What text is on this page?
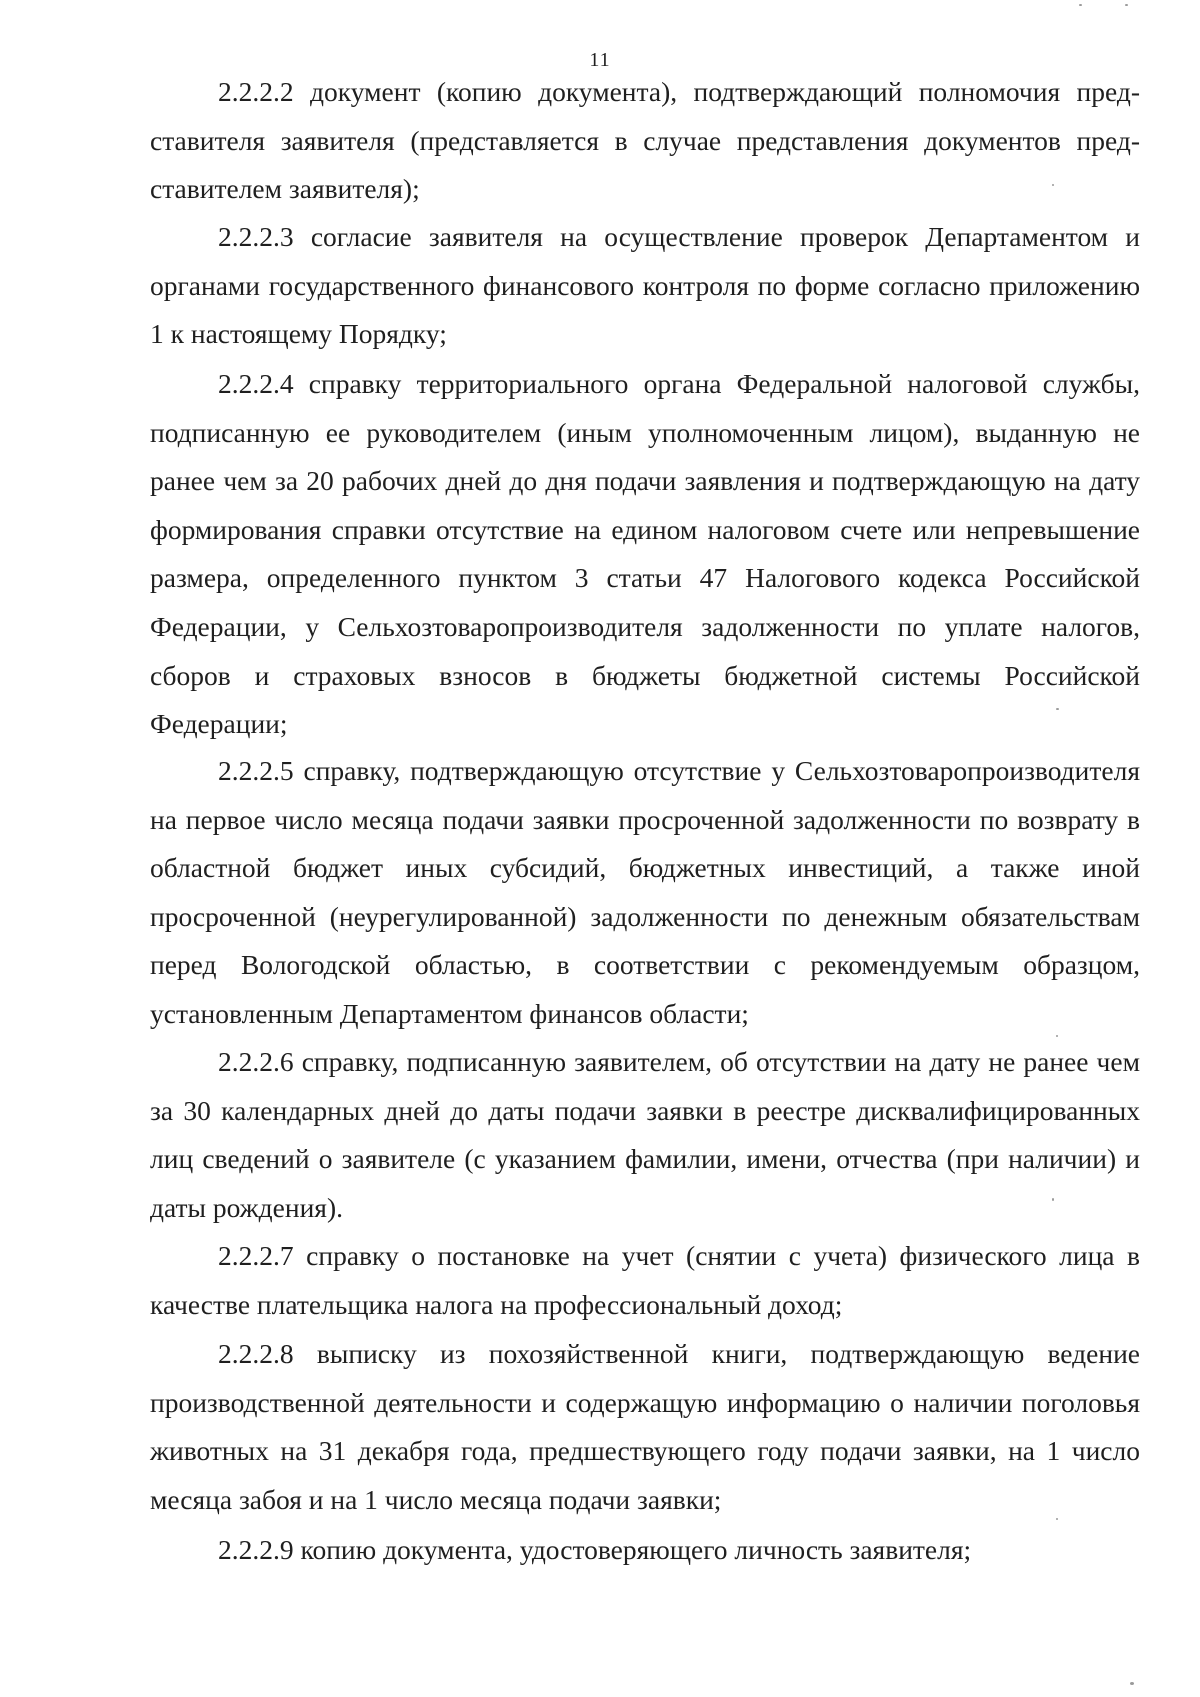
11

2.2.2.2 документ (копию документа), подтверждающий полномочия представителя заявителя (представляется в случае представления документов представителем заявителя);

2.2.2.3 согласие заявителя на осуществление проверок Департаментом и органами государственного финансового контроля по форме согласно приложению 1 к настоящему Порядку;

2.2.2.4 справку территориального органа Федеральной налоговой службы, подписанную ее руководителем (иным уполномоченным лицом), выданную не ранее чем за 20 рабочих дней до дня подачи заявления и подтверждающую на дату формирования справки отсутствие на едином налоговом счете или непревышение размера, определенного пунктом 3 статьи 47 Налогового кодекса Российской Федерации, у Сельхозтоваропроизводителя задолженности по уплате налогов, сборов и страховых взносов в бюджеты бюджетной системы Российской Федерации;

2.2.2.5 справку, подтверждающую отсутствие у Сельхозтоваропроизводителя на первое число месяца подачи заявки просроченной задолженности по возврату в областной бюджет иных субсидий, бюджетных инвестиций, а также иной просроченной (неурегулированной) задолженности по денежным обязательствам перед Вологодской областью, в соответствии с рекомендуемым образцом, установленным Департаментом финансов области;

2.2.2.6 справку, подписанную заявителем, об отсутствии на дату не ранее чем за 30 календарных дней до даты подачи заявки в реестре дисквалифицированных лиц сведений о заявителе (с указанием фамилии, имени, отчества (при наличии) и даты рождения).

2.2.2.7 справку о постановке на учет (снятии с учета) физического лица в качестве плательщика налога на профессиональный доход;

2.2.2.8 выписку из похозяйственной книги, подтверждающую ведение производственной деятельности и содержащую информацию о наличии поголовья животных на 31 декабря года, предшествующего году подачи заявки, на 1 число месяца забоя и на 1 число месяца подачи заявки;

2.2.2.9 копию документа, удостоверяющего личность заявителя;
